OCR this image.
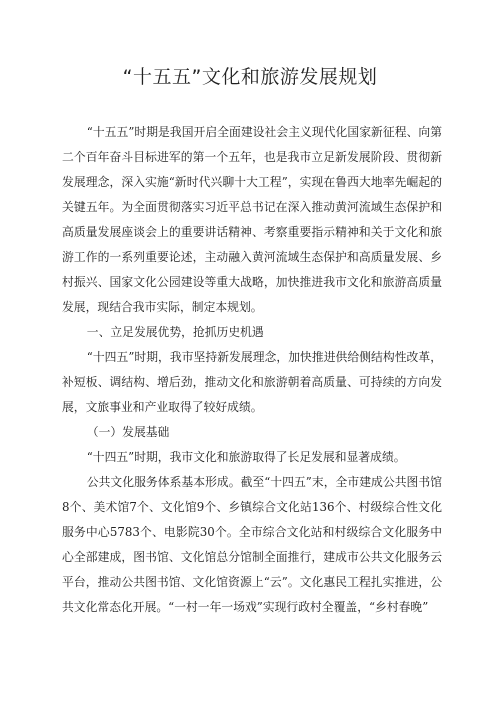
“十五五”文化和旅游发展规划

“十五五”时期是我国开启全面建设社会主义现代化国家新征程、向第二个百年奋斗目标进军的第一个五年，也是我市立足新发展阶段、贯彻新发展理念，深入实施“新时代兴聊十大工程”，实现在鲁西大地率先崛起的关键五年。为全面贯彻落实习近平总书记在深入推动黄河流域生态保护和高质量发展座谈会上的重要讲话精神、考察重要指示精神和关于文化和旅游工作的一系列重要论述，主动融入黄河流域生态保护和高质量发展、乡村振兴、国家文化公园建设等重大战略，加快推进我市文化和旅游高质量发展，现结合我市实际，制定本规划。

一、立足发展优势，抢抓历史机遇

“十四五”时期，我市坚持新发展理念，加快推进供给侧结构性改革，补短板、调结构、增后劲，推动文化和旅游朝着高质量、可持续的方向发展，文旅事业和产业取得了较好成绩。

（一）发展基础

“十四五”时期，我市文化和旅游取得了长足发展和显著成绩。

公共文化服务体系基本形成。截至“十四五”末，全市建成公共图书馆8个、美术馆7个、文化馆9个、乡镇综合文化站136个、村级综合性文化服务中心5783个、电影院30个。全市综合文化站和村级综合文化服务中心全部建成，图书馆、文化馆总分馆制全面推行，建成市公共文化服务云平台，推动公共图书馆、文化馆资源上“云”。文化惠民工程扎实推进，公共文化常态化开展。“一村一年一场戏”实现行政村全覆盖，“乡村春晚”
